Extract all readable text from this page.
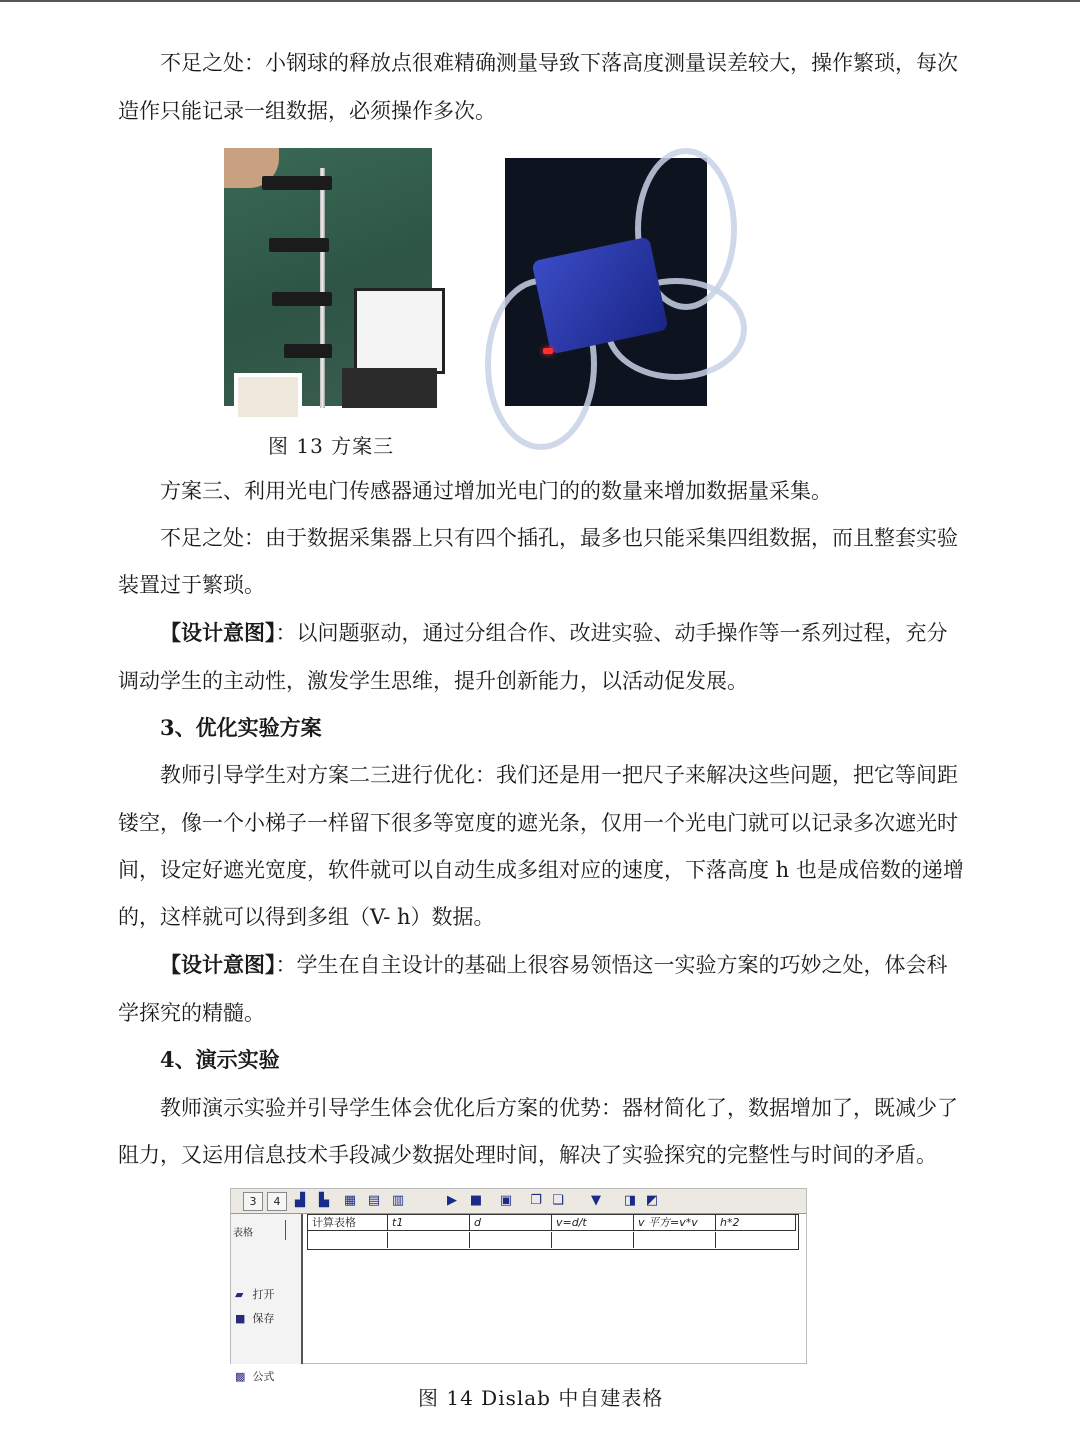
不足之处：小钢球的释放点很难精确测量导致下落高度测量误差较大，操作繁琐，每次
造作只能记录一组数据，必须操作多次。
图 13 方案三
方案三、利用光电门传感器通过增加光电门的的数量来增加数据量采集。
不足之处：由于数据采集器上只有四个插孔，最多也只能采集四组数据，而且整套实验
装置过于繁琐。
【设计意图】：以问题驱动，通过分组合作、改进实验、动手操作等一系列过程，充分
调动学生的主动性，激发学生思维，提升创新能力，以活动促发展。
3、优化实验方案
教师引导学生对方案二三进行优化：我们还是用一把尺子来解决这些问题，把它等间距
镂空，像一个小梯子一样留下很多等宽度的遮光条，仅用一个光电门就可以记录多次遮光时
间，设定好遮光宽度，软件就可以自动生成多组对应的速度，下落高度 h 也是成倍数的递增
的，这样就可以得到多组（V- h）数据。
【设计意图】：学生在自主设计的基础上很容易领悟这一实验方案的巧妙之处，体会科
学探究的精髓。
4、演示实验
教师演示实验并引导学生体会优化后方案的优势：器材简化了，数据增加了，既减少了
阻力，又运用信息技术手段减少数据处理时间，解决了实验探究的完整性与时间的矛盾。
3	4	▟	▙	▦ ▤ ▥	▶ ■ ▣ ❐ ❏	▼	◨ ◩
表格
▰ 打开
■ 保存
▩ 公式
计算表格	t1	d	v=d/t	v 平方=v*v	h*2
图 14 Dislab 中自建表格
